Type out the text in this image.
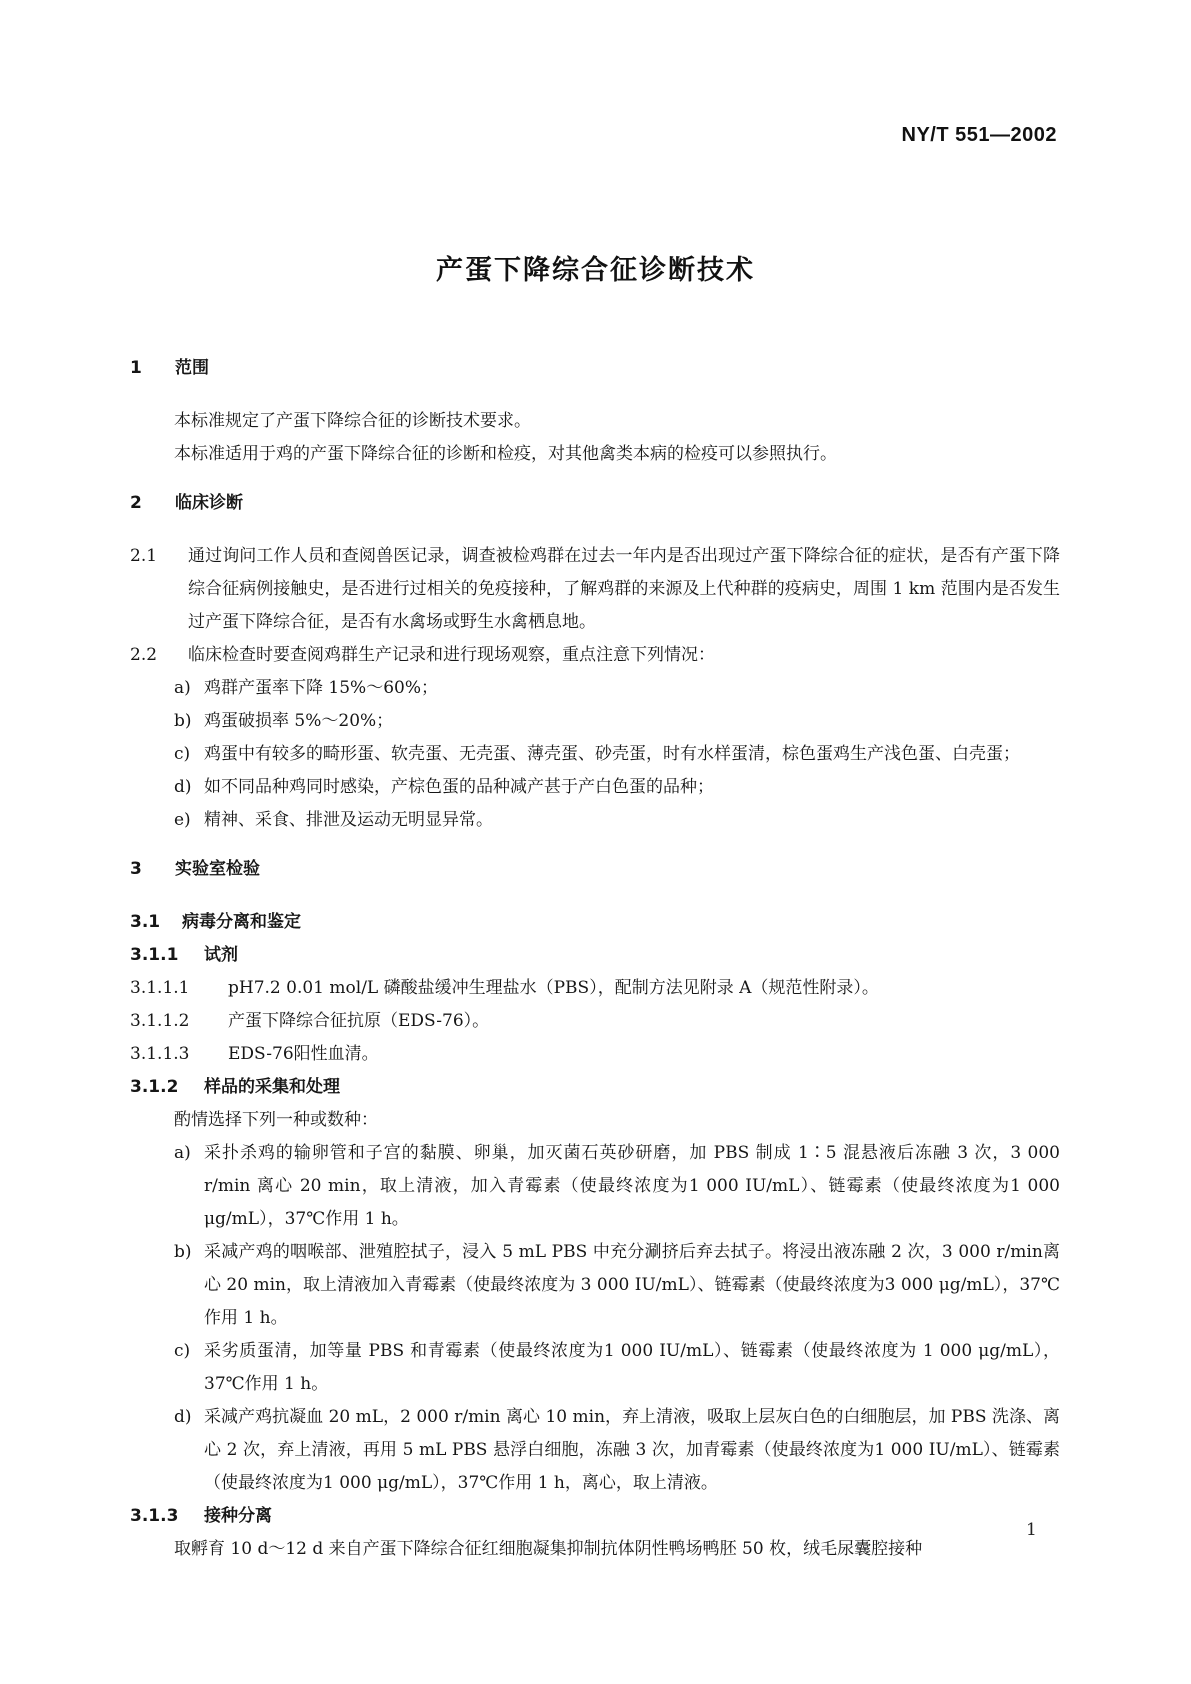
NY/T 551—2002
产蛋下降综合征诊断技术
1	范围
本标准规定了产蛋下降综合征的诊断技术要求。
本标准适用于鸡的产蛋下降综合征的诊断和检疫，对其他禽类本病的检疫可以参照执行。
2	临床诊断
2.1	通过询问工作人员和查阅兽医记录，调查被检鸡群在过去一年内是否出现过产蛋下降综合征的症状，是否有产蛋下降综合征病例接触史，是否进行过相关的免疫接种，了解鸡群的来源及上代种群的疫病史，周围 1 km 范围内是否发生过产蛋下降综合征，是否有水禽场或野生水禽栖息地。
2.2	临床检查时要查阅鸡群生产记录和进行现场观察，重点注意下列情况：
a) 鸡群产蛋率下降 15%～60%；
b) 鸡蛋破损率 5%～20%；
c) 鸡蛋中有较多的畸形蛋、软壳蛋、无壳蛋、薄壳蛋、砂壳蛋，时有水样蛋清，棕色蛋鸡生产浅色蛋、白壳蛋；
d) 如不同品种鸡同时感染，产棕色蛋的品种减产甚于产白色蛋的品种；
e) 精神、采食、排泄及运动无明显异常。
3	实验室检验
3.1	病毒分离和鉴定
3.1.1	试剂
3.1.1.1	pH7.2 0.01 mol/L 磷酸盐缓冲生理盐水（PBS），配制方法见附录 A（规范性附录）。
3.1.1.2	产蛋下降综合征抗原（EDS-76）。
3.1.1.3	EDS-76阳性血清。
3.1.2	样品的采集和处理
酌情选择下列一种或数种：
a) 采扑杀鸡的输卵管和子宫的黏膜、卵巢，加灭菌石英砂研磨，加 PBS 制成 1∶5 混悬液后冻融 3 次，3 000 r/min 离心 20 min，取上清液，加入青霉素（使最终浓度为1 000 IU/mL）、链霉素（使最终浓度为1 000 μg/mL），37℃作用 1 h。
b) 采减产鸡的咽喉部、泄殖腔拭子，浸入 5 mL PBS 中充分涮挤后弃去拭子。将浸出液冻融 2 次，3 000 r/min离心 20 min，取上清液加入青霉素（使最终浓度为 3 000 IU/mL）、链霉素（使最终浓度为3 000 μg/mL），37℃作用 1 h。
c) 采劣质蛋清，加等量 PBS 和青霉素（使最终浓度为1 000 IU/mL）、链霉素（使最终浓度为 1 000 μg/mL），37℃作用 1 h。
d) 采减产鸡抗凝血 20 mL，2 000 r/min 离心 10 min，弃上清液，吸取上层灰白色的白细胞层，加 PBS 洗涤、离心 2 次，弃上清液，再用 5 mL PBS 悬浮白细胞，冻融 3 次，加青霉素（使最终浓度为1 000 IU/mL）、链霉素（使最终浓度为1 000 μg/mL），37℃作用 1 h，离心，取上清液。
3.1.3	接种分离
取孵育 10 d～12 d 来自产蛋下降综合征红细胞凝集抑制抗体阴性鸭场鸭胚 50 枚，绒毛尿囊腔接种
1
